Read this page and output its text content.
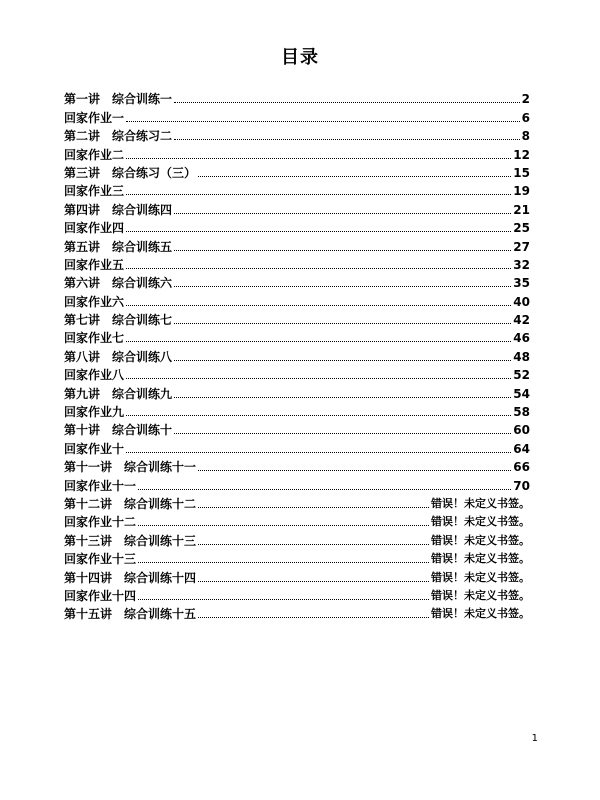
目录
第一讲　综合训练一	2
回家作业一	6
第二讲　综合练习二	8
回家作业二	12
第三讲　综合练习（三）	15
回家作业三	19
第四讲　综合训练四	21
回家作业四	25
第五讲　综合训练五	27
回家作业五	32
第六讲　综合训练六	35
回家作业六	40
第七讲　综合训练七	42
回家作业七	46
第八讲　综合训练八	48
回家作业八	52
第九讲　综合训练九	54
回家作业九	58
第十讲　综合训练十	60
回家作业十	64
第十一讲　综合训练十一	66
回家作业十一	70
第十二讲　综合训练十二	错误！未定义书签。
回家作业十二	错误！未定义书签。
第十三讲　综合训练十三	错误！未定义书签。
回家作业十三	错误！未定义书签。
第十四讲　综合训练十四	错误！未定义书签。
回家作业十四	错误！未定义书签。
第十五讲　综合训练十五	错误！未定义书签。
1
